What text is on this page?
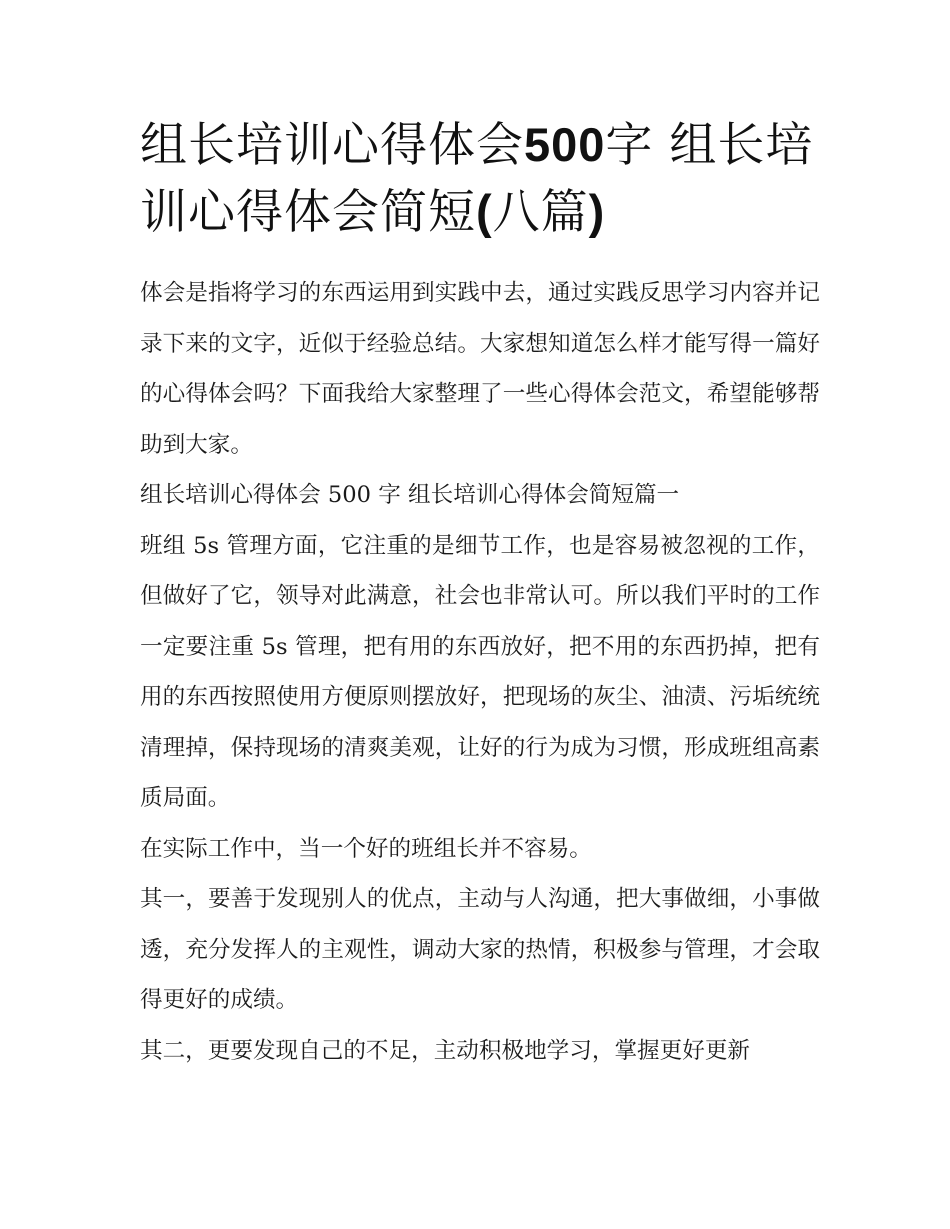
组长培训心得体会500字 组长培训心得体会简短(八篇)

体会是指将学习的东西运用到实践中去，通过实践反思学习内容并记录下来的文字，近似于经验总结。大家想知道怎么样才能写得一篇好的心得体会吗？下面我给大家整理了一些心得体会范文，希望能够帮助到大家。

组长培训心得体会 500 字 组长培训心得体会简短篇一

班组 5s 管理方面，它注重的是细节工作，也是容易被忽视的工作，但做好了它，领导对此满意，社会也非常认可。所以我们平时的工作一定要注重 5s 管理，把有用的东西放好，把不用的东西扔掉，把有用的东西按照使用方便原则摆放好，把现场的灰尘、油渍、污垢统统清理掉，保持现场的清爽美观，让好的行为成为习惯，形成班组高素质局面。

在实际工作中，当一个好的班组长并不容易。

其一，要善于发现别人的优点，主动与人沟通，把大事做细，小事做透，充分发挥人的主观性，调动大家的热情，积极参与管理，才会取得更好的成绩。

其二，更要发现自己的不足，主动积极地学习，掌握更好更新
